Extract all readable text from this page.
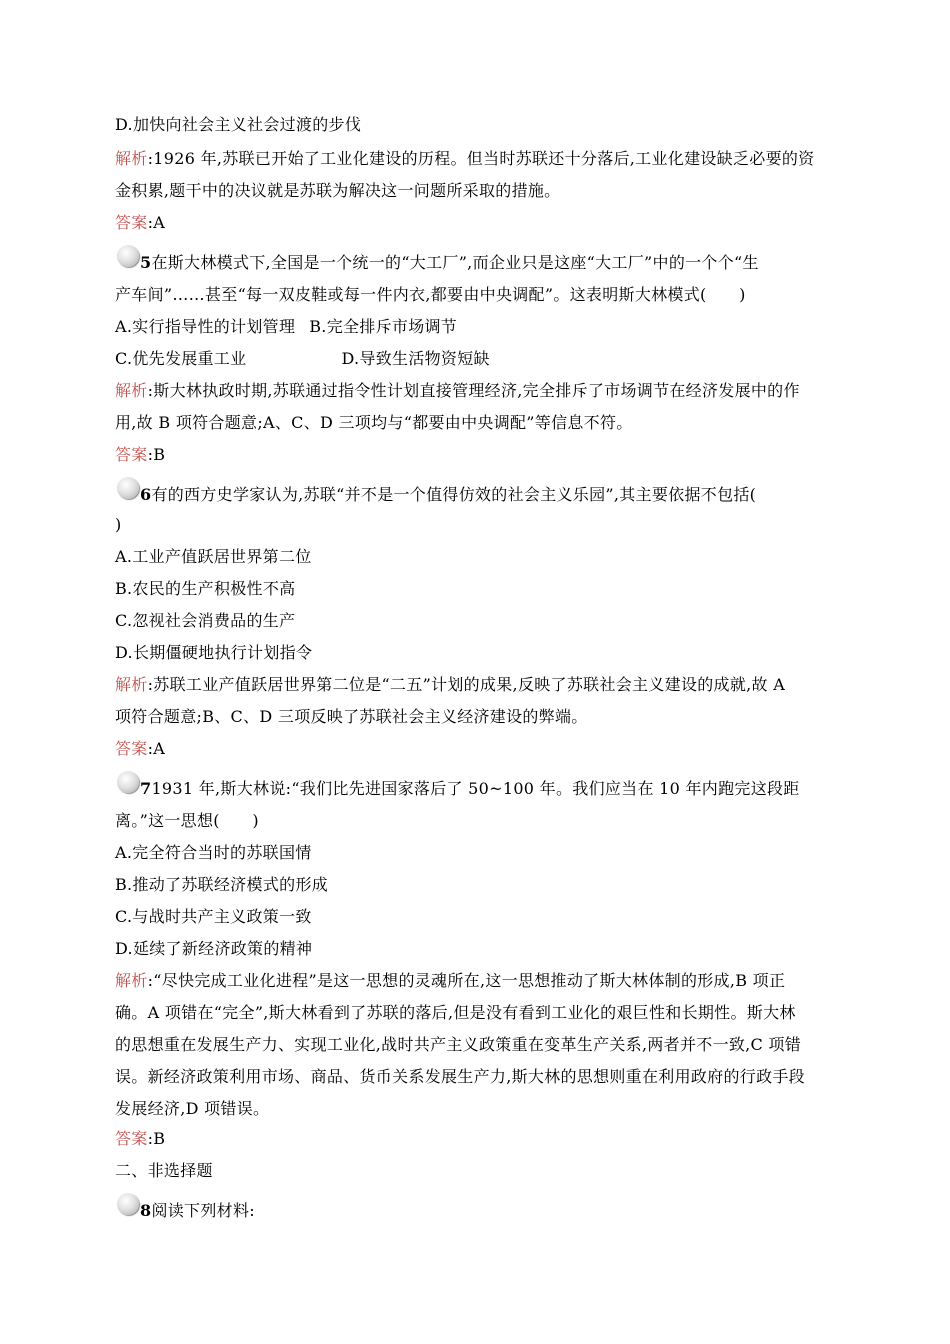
D.加快向社会主义社会过渡的步伐
解析:1926 年,苏联已开始了工业化建设的历程。但当时苏联还十分落后,工业化建设缺乏必要的资
金积累,题干中的决议就是苏联为解决这一问题所采取的措施。
答案:A
5在斯大林模式下,全国是一个统一的“大工厂”,而企业只是这座“大工厂”中的一个个“生
产车间”……甚至“每一双皮鞋或每一件内衣,都要由中央调配”。这表明斯大林模式(　　)
A.实行指导性的计划管理 B.完全排斥市场调节
C.优先发展重工业	D.导致生活物资短缺
解析:斯大林执政时期,苏联通过指令性计划直接管理经济,完全排斥了市场调节在经济发展中的作
用,故 B 项符合题意;A、C、D 三项均与“都要由中央调配”等信息不符。
答案:B
6有的西方史学家认为,苏联“并不是一个值得仿效的社会主义乐园”,其主要依据不包括(
)
A.工业产值跃居世界第二位
B.农民的生产积极性不高
C.忽视社会消费品的生产
D.长期僵硬地执行计划指令
解析:苏联工业产值跃居世界第二位是“二五”计划的成果,反映了苏联社会主义建设的成就,故 A
项符合题意;B、C、D 三项反映了苏联社会主义经济建设的弊端。
答案:A
71931 年,斯大林说:“我们比先进国家落后了 50~100 年。我们应当在 10 年内跑完这段距
离。”这一思想(　　)
A.完全符合当时的苏联国情
B.推动了苏联经济模式的形成
C.与战时共产主义政策一致
D.延续了新经济政策的精神
解析:“尽快完成工业化进程”是这一思想的灵魂所在,这一思想推动了斯大林体制的形成,B 项正
确。A 项错在“完全”,斯大林看到了苏联的落后,但是没有看到工业化的艰巨性和长期性。斯大林
的思想重在发展生产力、实现工业化,战时共产主义政策重在变革生产关系,两者并不一致,C 项错
误。新经济政策利用市场、商品、货币关系发展生产力,斯大林的思想则重在利用政府的行政手段
发展经济,D 项错误。
答案:B
二、非选择题
8阅读下列材料:
